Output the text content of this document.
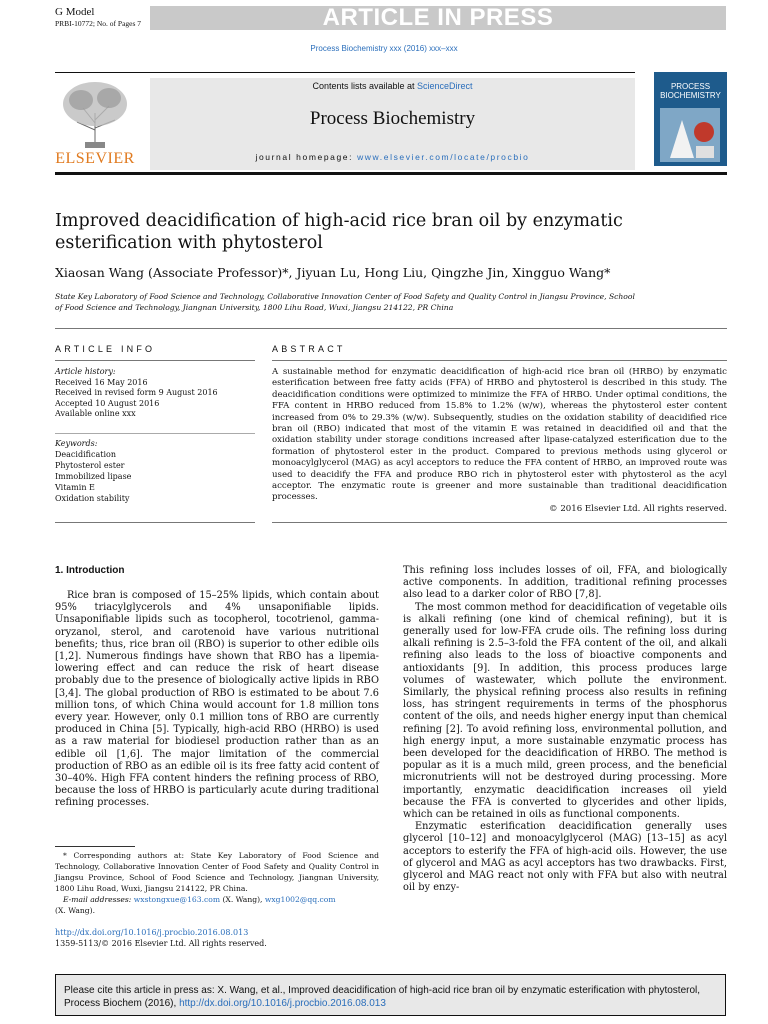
G Model
PRBI-10772; No. of Pages 7	ARTICLE IN PRESS
Process Biochemistry xxx (2016) xxx–xxx
ELSEVIER
Contents lists available at ScienceDirect
Process Biochemistry
journal homepage: www.elsevier.com/locate/procbio
PROCESS BIOCHEMISTRY
Improved deacidification of high-acid rice bran oil by enzymatic esterification with phytosterol
Xiaosan Wang (Associate Professor)*, Jiyuan Lu, Hong Liu, Qingzhe Jin, Xingguo Wang*
State Key Laboratory of Food Science and Technology, Collaborative Innovation Center of Food Safety and Quality Control in Jiangsu Province, School of Food Science and Technology, Jiangnan University, 1800 Lihu Road, Wuxi, Jiangsu 214122, PR China
ARTICLE INFO
Article history:
Received 16 May 2016
Received in revised form 9 August 2016
Accepted 10 August 2016
Available online xxx
Keywords:
Deacidification
Phytosterol ester
Immobilized lipase
Vitamin E
Oxidation stability
ABSTRACT
A sustainable method for enzymatic deacidification of high-acid rice bran oil (HRBO) by enzymatic esterification between free fatty acids (FFA) of HRBO and phytosterol is described in this study. The deacidification conditions were optimized to minimize the FFA of HRBO. Under optimal conditions, the FFA content in HRBO reduced from 15.8% to 1.2% (w/w), whereas the phytosterol ester content increased from 0% to 29.3% (w/w). Subsequently, studies on the oxidation stability of deacidified rice bran oil (RBO) indicated that most of the vitamin E was retained in deacidified oil and that the oxidation stability under storage conditions increased after lipase-catalyzed esterification due to the formation of phytosterol ester in the product. Compared to previous methods using glycerol or monoacylglycerol (MAG) as acyl acceptors to reduce the FFA content of HRBO, an improved route was used to deacidify the FFA and produce RBO rich in phytosterol ester with phytosterol as the acyl acceptor. The enzymatic route is greener and more sustainable than traditional deacidification processes.
© 2016 Elsevier Ltd. All rights reserved.
1. Introduction
Rice bran is composed of 15–25% lipids, which contain about 95% triacylglycerols and 4% unsaponifiable lipids. Unsaponifiable lipids such as tocopherol, tocotrienol, gamma-oryzanol, sterol, and carotenoid have various nutritional benefits; thus, rice bran oil (RBO) is superior to other edible oils [1,2]. Numerous findings have shown that RBO has a lipemia-lowering effect and can reduce the risk of heart disease probably due to the presence of biologically active lipids in RBO [3,4]. The global production of RBO is estimated to be about 7.6 million tons, of which China would account for 1.8 million tons every year. However, only 0.1 million tons of RBO are currently produced in China [5]. Typically, high-acid RBO (HRBO) is used as a raw material for biodiesel production rather than as an edible oil [1,6]. The major limitation of the commercial production of RBO as an edible oil is its free fatty acid content of 30–40%. High FFA content hinders the refining process of RBO, because the loss of HRBO is particularly acute during traditional refining processes.

This refining loss includes losses of oil, FFA, and biologically active components. In addition, traditional refining processes also lead to a darker color of RBO [7,8].

The most common method for deacidification of vegetable oils is alkali refining (one kind of chemical refining), but it is generally used for low-FFA crude oils. The refining loss during alkali refining is 2.5–3-fold the FFA content of the oil, and alkali refining also leads to the loss of bioactive components and antioxidants [9]. In addition, this process produces large volumes of wastewater, which pollute the environment. Similarly, the physical refining process also results in refining loss, has stringent requirements in terms of the phosphorus content of the oils, and needs higher energy input than chemical refining [2]. To avoid refining loss, environmental pollution, and high energy input, a more sustainable enzymatic process has been developed for the deacidification of HRBO. The method is popular as it is a much mild, green process, and the beneficial micronutrients will not be destroyed during processing. More importantly, enzymatic deacidification increases oil yield because the FFA is converted to glycerides and other lipids, which can be retained in oils as functional components.

Enzymatic esterification deacidification generally uses glycerol [10–12] and monoacylglycerol (MAG) [13–15] as acyl acceptors to esterify the FFA of high-acid oils. However, the use of glycerol and MAG as acyl acceptors has two drawbacks. First, glycerol and MAG react not only with FFA but also with neutral oil by enzy-

* Corresponding authors at: State Key Laboratory of Food Science and Technology, Collaborative Innovation Center of Food Safety and Quality Control in Jiangsu Province, School of Food Science and Technology, Jiangnan University, 1800 Lihu Road, Wuxi, Jiangsu 214122, PR China.
E-mail addresses: wxstongxue@163.com (X. Wang), wxg1002@qq.com
(X. Wang).
http://dx.doi.org/10.1016/j.procbio.2016.08.013
1359-5113/© 2016 Elsevier Ltd. All rights reserved.
Please cite this article in press as: X. Wang, et al., Improved deacidification of high-acid rice bran oil by enzymatic esterification with phytosterol, Process Biochem (2016), http://dx.doi.org/10.1016/j.procbio.2016.08.013
